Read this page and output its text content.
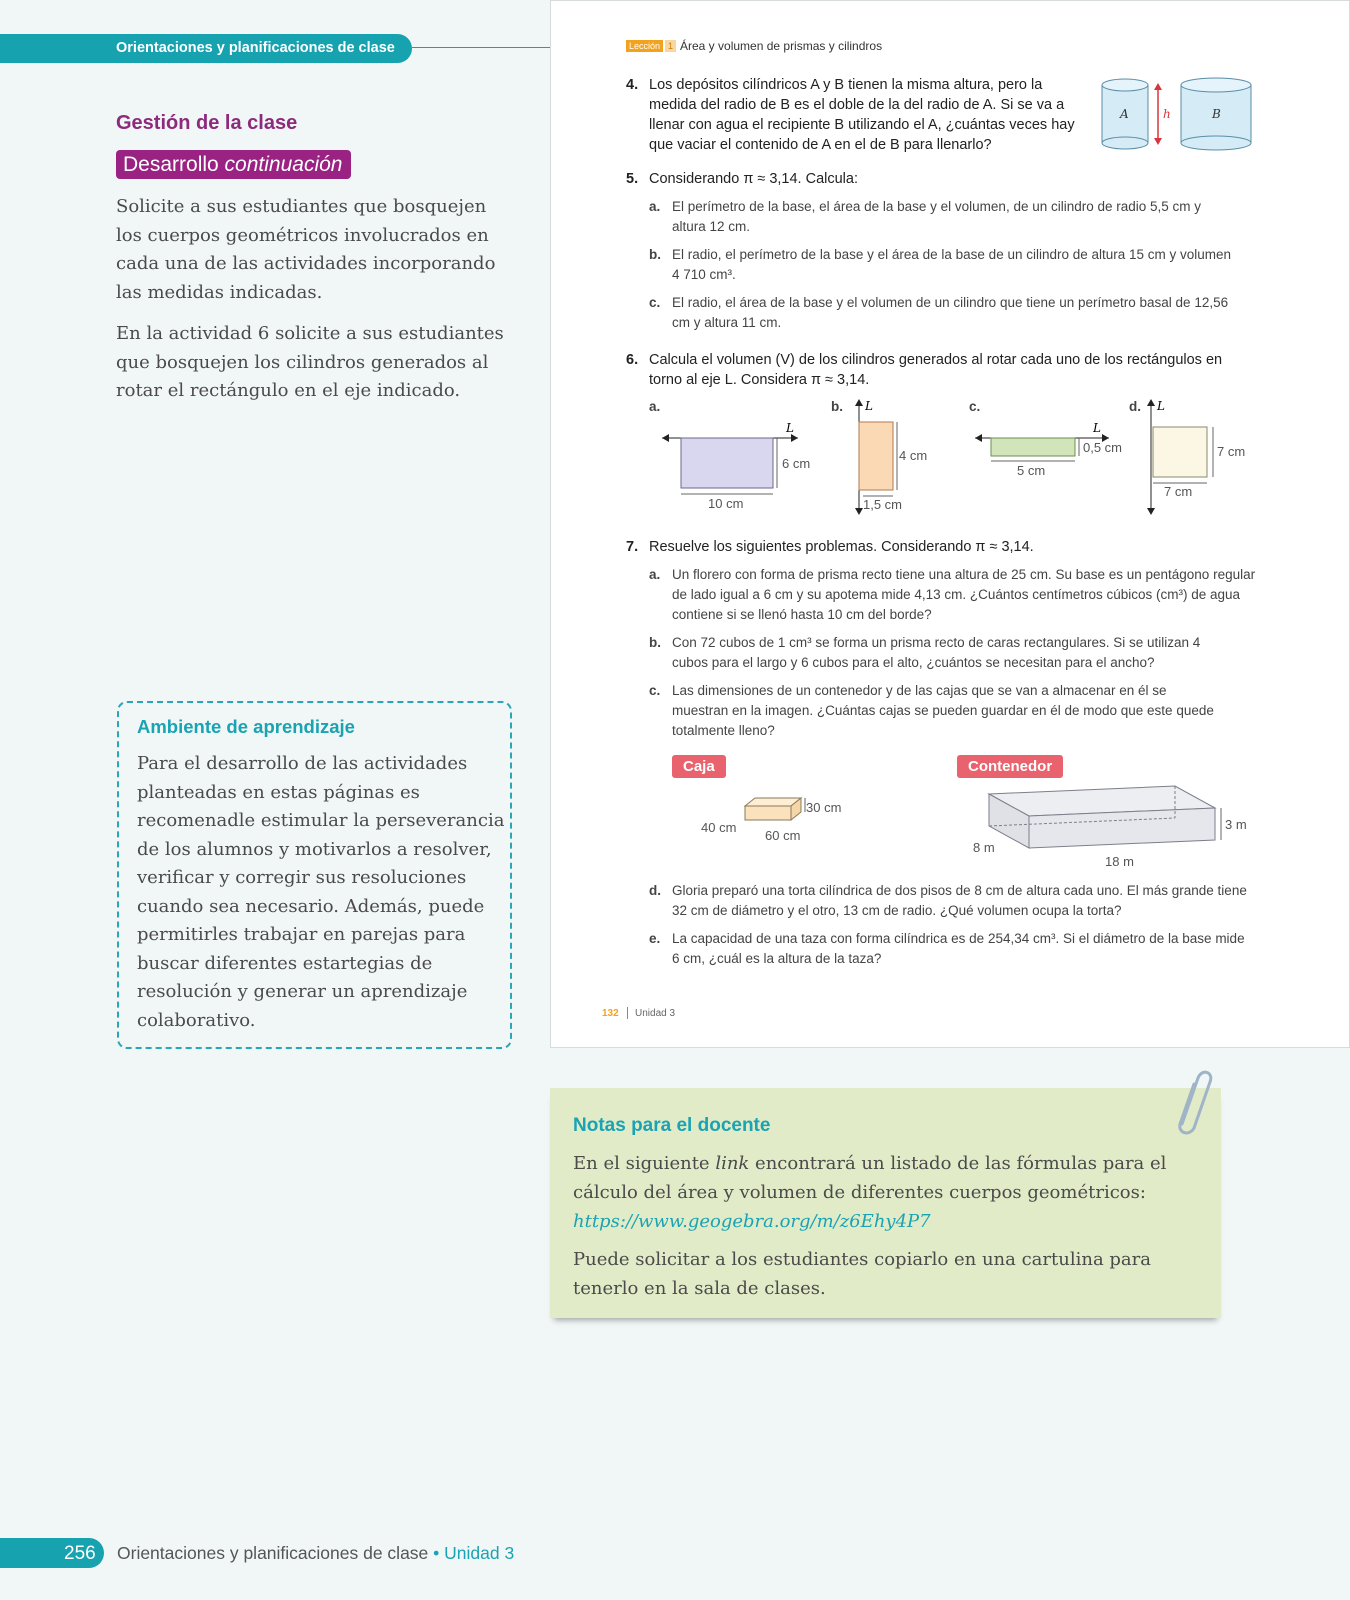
Orientaciones y planificaciones de clase
Gestión de la clase
Desarrollo continuación

Solicite a sus estudiantes que bosquejen los cuerpos geométricos involucrados en cada una de las actividades incorporando las medidas indicadas.

En la actividad 6 solicite a sus estudiantes que bosquejen los cilindros generados al rotar el rectángulo en el eje indicado.

Ambiente de aprendizaje

Para el desarrollo de las actividades planteadas en estas páginas es recomenadle estimular la perseverancia de los alumnos y motivarlos a resolver, verificar y corregir sus resoluciones cuando sea necesario. Además, puede permitirles trabajar en parejas para buscar diferentes estartegias de resolución y generar un aprendizaje colaborativo.

Lección 1 Área y volumen de prismas y cilindros
4. Los depósitos cilíndricos A y B tienen la misma altura, pero la medida del radio de B es el doble de la del radio de A. Si se va a llenar con agua el recipiente B utilizando el A, ¿cuántas veces hay que vaciar el contenido de A en el de B para llenarlo?
A	h	B
5. Considerando π ≈ 3,14. Calcula:
a. El perímetro de la base, el área de la base y el volumen, de un cilindro de radio 5,5 cm y altura 12 cm.
b. El radio, el perímetro de la base y el área de la base de un cilindro de altura 15 cm y volumen 4 710 cm³.
c. El radio, el área de la base y el volumen de un cilindro que tiene un perímetro basal de 12,56 cm y altura 11 cm.
6. Calcula el volumen (V) de los cilindros generados al rotar cada uno de los rectángulos en torno al eje L. Considera π ≈ 3,14.
a.
L
6 cm
10 cm
b. L
4 cm
1,5 cm
c.
L
0,5 cm
5 cm
d. L
7 cm
7 cm
7. Resuelve los siguientes problemas. Considerando π ≈ 3,14.
a. Un florero con forma de prisma recto tiene una altura de 25 cm. Su base es un pentágono regular de lado igual a 6 cm y su apotema mide 4,13 cm. ¿Cuántos centímetros cúbicos (cm³) de agua contiene si se llenó hasta 10 cm del borde?
b. Con 72 cubos de 1 cm³ se forma un prisma recto de caras rectangulares. Si se utilizan 4 cubos para el largo y 6 cubos para el alto, ¿cuántos se necesitan para el ancho?
c. Las dimensiones de un contenedor y de las cajas que se van a almacenar en él se muestran en la imagen. ¿Cuántas cajas se pueden guardar en él de modo que este quede totalmente lleno?
Caja	Contenedor
30 cm
40 cm
60 cm
3 m
8 m
18 m
d. Gloria preparó una torta cilíndrica de dos pisos de 8 cm de altura cada uno. El más grande tiene 32 cm de diámetro y el otro, 13 cm de radio. ¿Qué volumen ocupa la torta?
e. La capacidad de una taza con forma cilíndrica es de 254,34 cm³. Si el diámetro de la base mide 6 cm, ¿cuál es la altura de la taza?
132 Unidad 3
Notas para el docente

En el siguiente link encontrará un listado de las fórmulas para el cálculo del área y volumen de diferentes cuerpos geométricos:
https://www.geogebra.org/m/z6Ehy4P7

Puede solicitar a los estudiantes copiarlo en una cartulina para tenerlo en la sala de clases.

256 Orientaciones y planificaciones de clase • Unidad 3
